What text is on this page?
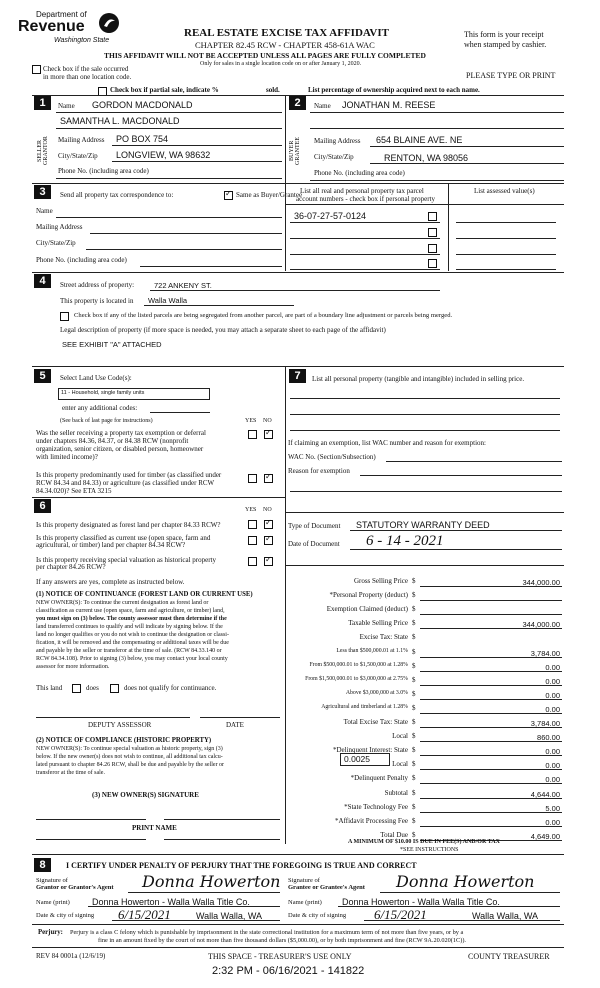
Department of
Revenue
Washington State
REAL ESTATE EXCISE TAX AFFIDAVIT
CHAPTER 82.45 RCW - CHAPTER 458-61A WAC
THIS AFFIDAVIT WILL NOT BE ACCEPTED UNLESS ALL PAGES ARE FULLY COMPLETED
Only for sales in a single location code on or after January 1, 2020.
This form is your receipt
when stamped by cashier.
PLEASE TYPE OR PRINT
Check box if the sale occurred
in more than one location code.
Check box if partial sale, indicate %	sold.	List percentage of ownership acquired next to each name.
1
SELLER GRANTOR
Name GORDON MACDONALD
SAMANTHA L. MACDONALD
Mailing Address PO BOX 754
City/State/Zip LONGVIEW, WA 98632
Phone No. (including area code)
2
BUYER GRANTEE
Name JONATHAN M. REESE
Mailing Address 654 BLAINE AVE. NE
City/State/Zip	RENTON, WA 98056
Phone No. (including area code)
3	Send all property tax correspondence to:
✓	Same as Buyer/Grantee
Name
Mailing Address
City/State/Zip
Phone No. (including area code)
List all real and personal property tax parcel
account numbers - check box if personal property
List assessed value(s)
36-07-27-57-0124
4	Street address of property:	722 ANKENY ST.
This property is located in Walla Walla
Check box if any of the listed parcels are being segregated from another parcel, are part of a boundary line adjustment or parcels being merged.
Legal description of property (if more space is needed, you may attach a separate sheet to each page of the affidavit)
SEE EXHIBIT "A" ATTACHED
5	Select Land Use Code(s):
11 - Household, single family units
enter any additional codes:
(See back of last page for instructions)	YES NO
Was the seller receiving a property tax exemption or deferral
under chapters 84.36, 84.37, or 84.38 RCW (nonprofit
organization, senior citizen, or disabled person, homeowner
with limited income)?
✓
Is this property predominantly used for timber (as classified under
RCW 84.34 and 84.33) or agriculture (as classified under RCW
84.34.020)? See ETA 3215
✓
6	YES NO
Is this property designated as forest land per chapter 84.33 RCW?
✓
Is this property classified as current use (open space, farm and
agricultural, or timber) land per chapter 84.34 RCW?
✓
Is this property receiving special valuation as historical property
per chapter 84.26 RCW?
✓
If any answers are yes, complete as instructed below.
(1) NOTICE OF CONTINUANCE (FOREST LAND OR CURRENT USE)
NEW OWNER(S): To continue the current designation as forest land or
classification as current use (open space, farm and agriculture, or timber) land,
you must sign on (3) below. The county assessor must then determine if the
land transferred continues to qualify and will indicate by signing below. If the
land no longer qualifies or you do not wish to continue the designation or classi-
fication, it will be removed and the compensating or additional taxes will be due
and payable by the seller or transferor at the time of sale. (RCW 84.33.140 or
RCW 84.34.108). Prior to signing (3) below, you may contact your local county
assessor for more information.
This land	does	does not qualify for continuance.
DEPUTY ASSESSOR	DATE
(2) NOTICE OF COMPLIANCE (HISTORIC PROPERTY)
NEW OWNER(S): To continue special valuation as historic property, sign (3)
below. If the new owner(s) does not wish to continue, all additional tax calcu-
lated pursuant to chapter 84.26 RCW, shall be due and payable by the seller or
transferor at the time of sale.
(3) NEW OWNER(S) SIGNATURE
PRINT NAME
7	List all personal property (tangible and intangible) included in selling price.
If claiming an exemption, list WAC number and reason for exemption:
WAC No. (Section/Subsection)
Reason for exemption
Type of Document STATUTORY WARRANTY DEED
Date of Document 6 - 14 - 2021
Gross Selling Price $	344,000.00
*Personal Property (deduct) $
Exemption Claimed (deduct) $
Taxable Selling Price $	344,000.00
Excise Tax: State $
Less than $500,000.01 at 1.1% $	3,784.00
From $500,000.01 to $1,500,000 at 1.28% $	0.00
From $1,500,000.01 to $3,000,000 at 2.75% $	0.00
Above $3,000,000 at 3.0% $	0.00
Agricultural and timberland at 1.28% $	0.00
Total Excise Tax: State $	3,784.00
Local $	860.00
*Delinquent Interest: State $	0.00
Local $	0.00
*Delinquent Penalty $	0.00
Subtotal $	4,644.00
*State Technology Fee $	5.00
*Affidavit Processing Fee $	0.00
Total Due $	4,649.00
0.0025
A MINIMUM OF $10.00 IS DUE IN FEE(S) AND/OR TAX
*SEE INSTRUCTIONS
8	I CERTIFY UNDER PENALTY OF PERJURY THAT THE FOREGOING IS TRUE AND CORRECT
Signature of
Grantor or Grantor's Agent Donna Howerton
Name (print) Donna Howerton - Walla Walla Title Co.
Date & city of signing 6/15/2021	Walla Walla, WA
Signature of
Grantee or Grantee's Agent Donna Howerton
Name (print) Donna Howerton - Walla Walla Title Co.
Date & city of signing 6/15/2021	Walla Walla, WA
Perjury: Perjury is a class C felony which is punishable by imprisonment in the state correctional institution for a maximum term of not more than five years, or by a
fine in an amount fixed by the court of not more than five thousand dollars ($5,000.00), or by both imprisonment and fine (RCW 9A.20.020(1C)).
REV 84 0001a (12/6/19)	THIS SPACE - TREASURER'S USE ONLY	COUNTY TREASURER
2:32 PM - 06/16/2021 - 141822
